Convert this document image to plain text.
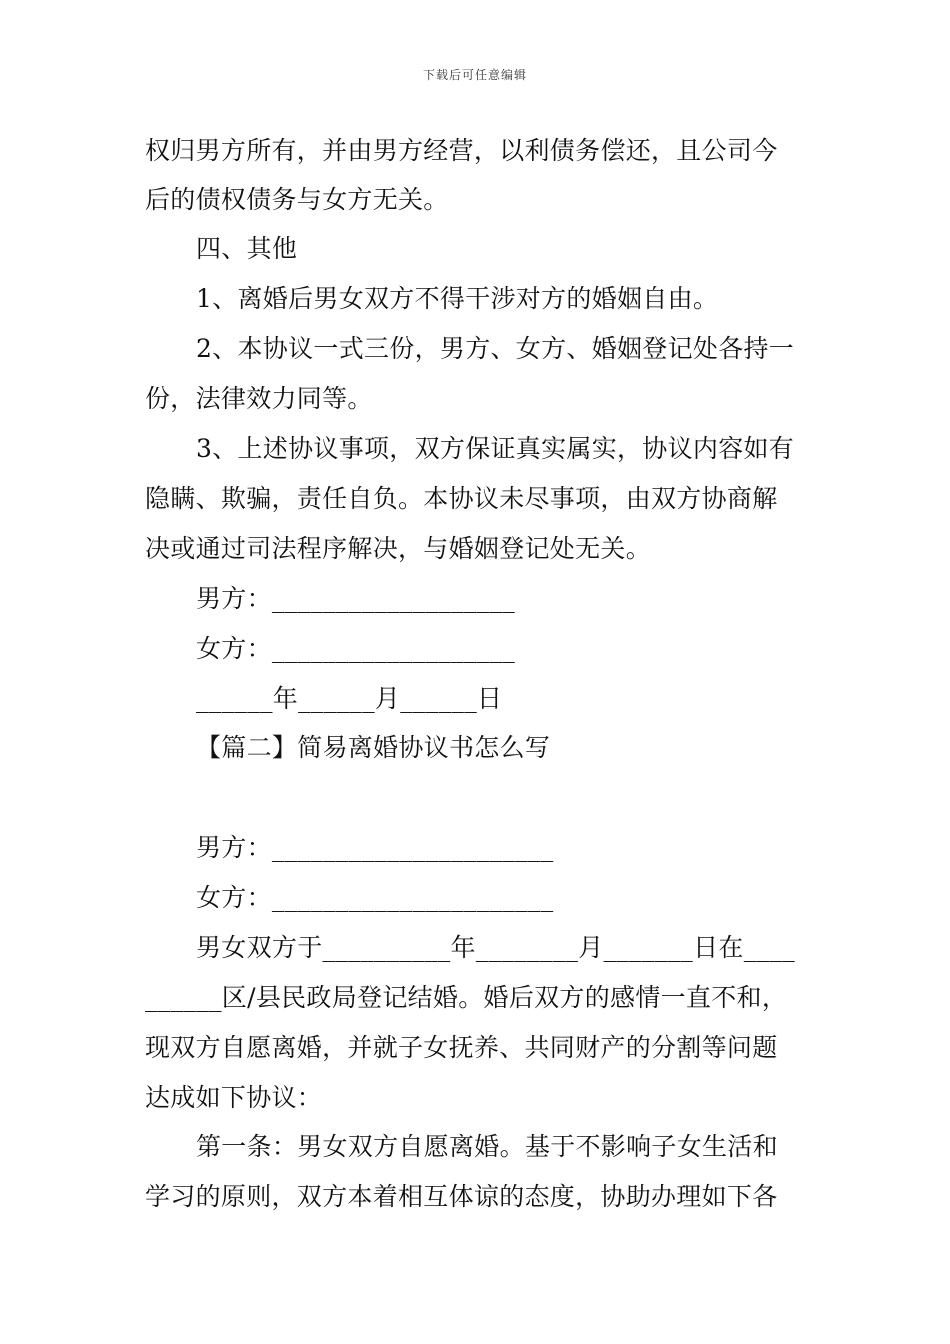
下载后可任意编辑
权归男方所有，并由男方经营，以利债务偿还，且公司今
后的债权债务与女方无关。
四、其他
1、离婚后男女双方不得干涉对方的婚姻自由。
2、本协议一式三份，男方、女方、婚姻登记处各持一
份，法律效力同等。
3、上述协议事项，双方保证真实属实，协议内容如有
隐瞒、欺骗，责任自负。本协议未尽事项，由双方协商解
决或通过司法程序解决，与婚姻登记处无关。
男方：___________________
女方：___________________
______年______月______日
【篇二】简易离婚协议书怎么写
男方：______________________
女方：______________________
男女双方于__________年________月_______日在____
______区/县民政局登记结婚。婚后双方的感情一直不和，
现双方自愿离婚，并就子女抚养、共同财产的分割等问题
达成如下协议：
第一条：男女双方自愿离婚。基于不影响子女生活和
学习的原则，双方本着相互体谅的态度，协助办理如下各
